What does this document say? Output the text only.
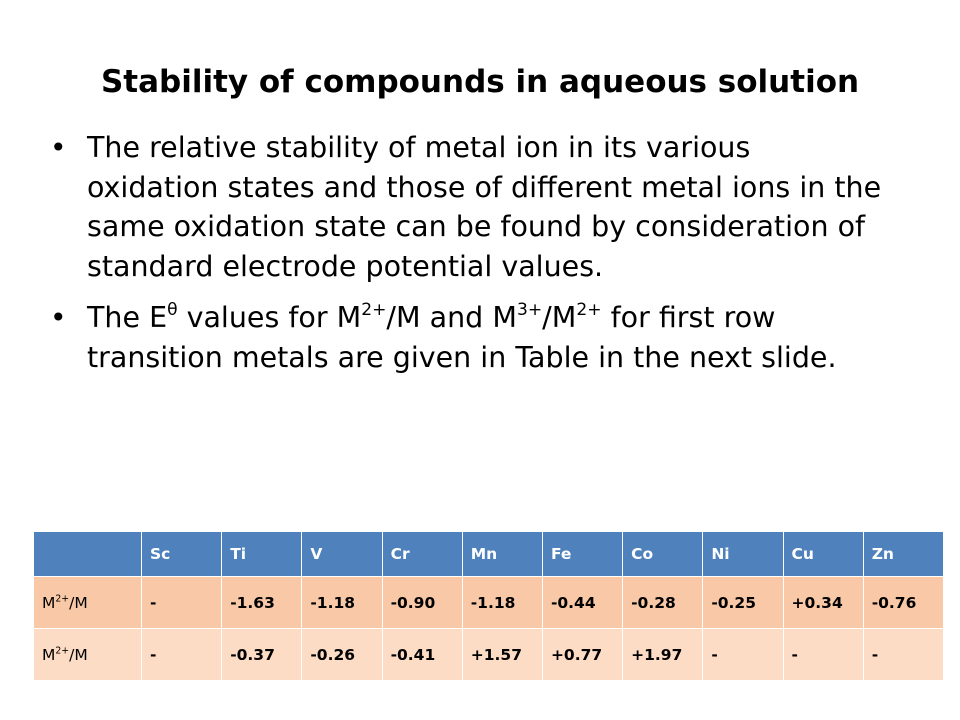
Stability of compounds in aqueous solution
• The relative stability of metal ion in its various oxidation states and those of different metal ions in the same oxidation state can be found by consideration of standard electrode potential values.
• The $E^\theta$ values for $M^{2+}/M$ and $M^{3+}/M^{2+}$ for first row transition metals are given in Table in the next slide.
	Sc	Ti	V	Cr	Mn	Fe	Co	Ni	Cu	Zn
$M^{2+}/M$	-	-1.63	-1.18	-0.90	-1.18	-0.44	-0.28	-0.25	+0.34	-0.76
$M^{2+}/M$	-	-0.37	-0.26	-0.41	+1.57	+0.77	+1.97	-	-	-
